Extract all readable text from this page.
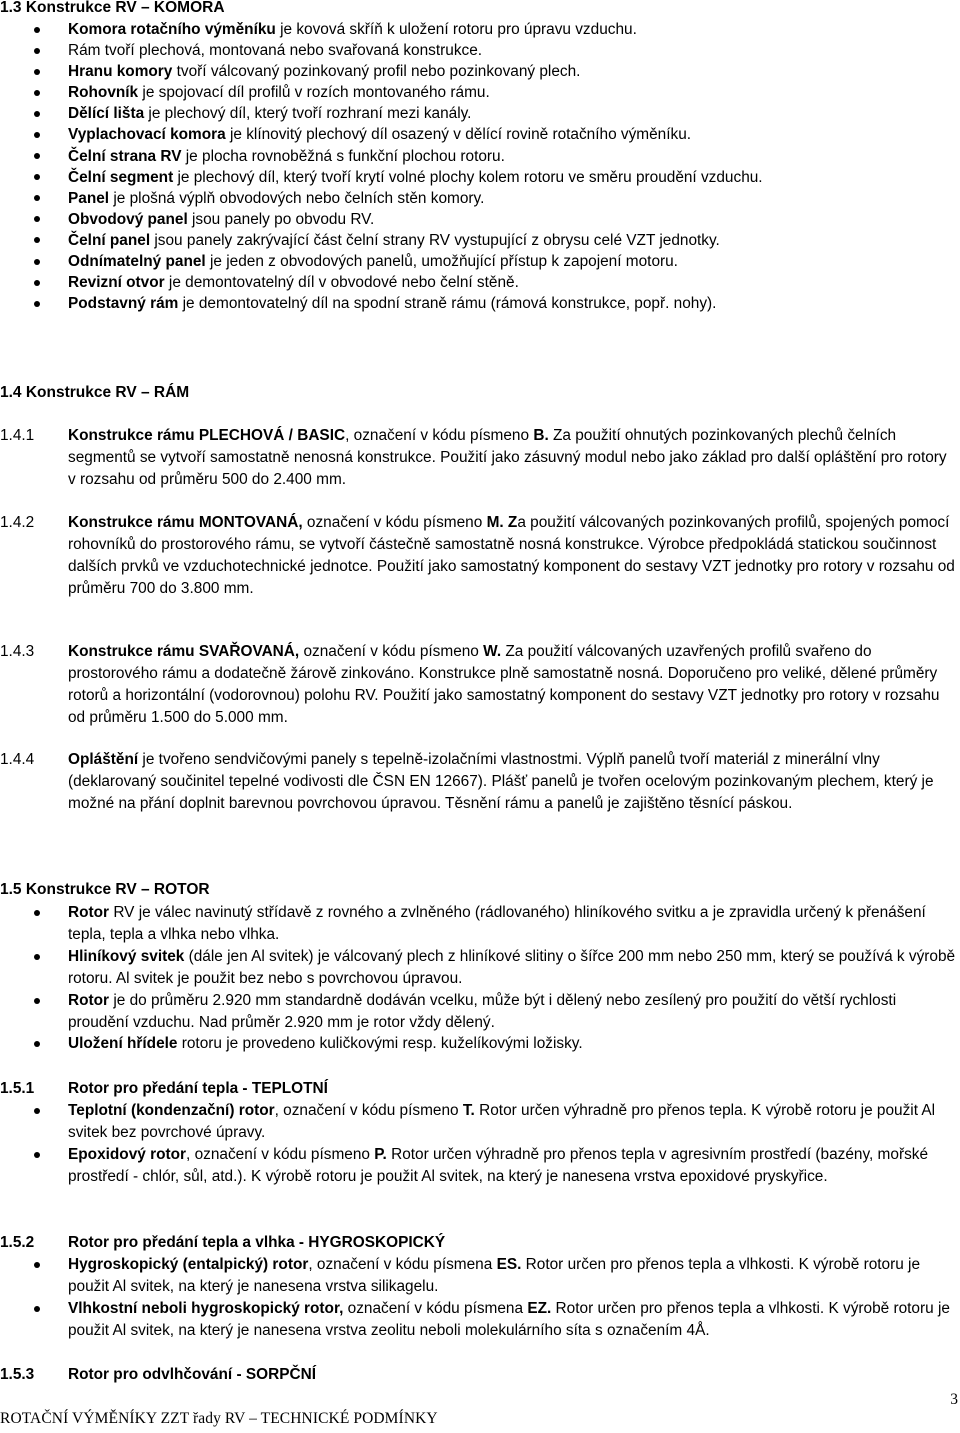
1.3 Konstrukce RV – KOMORA
Komora rotačního výměníku je kovová skříň k uložení rotoru pro úpravu vzduchu.
Rám tvoří plechová, montovaná nebo svařovaná konstrukce.
Hranu komory tvoří válcovaný pozinkovaný profil nebo pozinkovaný plech.
Rohovník je spojovací díl profilů v rozích montovaného rámu.
Dělící lišta je plechový díl, který tvoří rozhraní mezi kanály.
Vyplachovací komora je klínovitý plechový díl osazený v dělící rovině rotačního výměníku.
Čelní strana RV je plocha rovnoběžná s funkční plochou rotoru.
Čelní segment je plechový díl, který tvoří krytí volné plochy kolem rotoru ve směru proudění vzduchu.
Panel je plošná výplň obvodových nebo čelních stěn komory.
Obvodový panel jsou panely po obvodu RV.
Čelní panel jsou panely zakrývající část čelní strany RV vystupující z obrysu celé VZT jednotky.
Odnímatelný panel je jeden z obvodových panelů, umožňující přístup k zapojení motoru.
Revizní otvor je demontovatelný díl v obvodové nebo čelní stěně.
Podstavný rám je demontovatelný díl na spodní straně rámu (rámová konstrukce, popř. nohy).
1.4 Konstrukce RV – RÁM
1.4.1 Konstrukce rámu PLECHOVÁ / BASIC, označení v kódu písmeno B. Za použití ohnutých pozinkovaných plechů čelních segmentů se vytvoří samostatně nenosná konstrukce. Použití jako zásuvný modul nebo jako základ pro další opláštění pro rotory v rozsahu od průměru 500 do 2.400 mm.
1.4.2 Konstrukce rámu MONTOVANÁ, označení v kódu písmeno M. Za použití válcovaných pozinkovaných profilů, spojených pomocí rohovníků do prostorového rámu, se vytvoří částečně samostatně nosná konstrukce. Výrobce předpokládá statickou součinnost dalších prvků ve vzduchotechnické jednotce. Použití jako samostatný komponent do sestavy VZT jednotky pro rotory v rozsahu od průměru 700 do 3.800 mm.
1.4.3 Konstrukce rámu SVAŘOVANÁ, označení v kódu písmeno W. Za použití válcovaných uzavřených profilů svařeno do prostorového rámu a dodatečně žárově zinkováno. Konstrukce plně samostatně nosná. Doporučeno pro veliké, dělené průměry rotorů a horizontální (vodorovnou) polohu RV. Použití jako samostatný komponent do sestavy VZT jednotky pro rotory v rozsahu od průměru 1.500 do 5.000 mm.
1.4.4 Opláštění je tvořeno sendvičovými panely s tepelně-izolačními vlastnostmi. Výplň panelů tvoří materiál z minerální vlny (deklarovaný součinitel tepelné vodivosti dle ČSN EN 12667). Plášť panelů je tvořen ocelovým pozinkovaným plechem, který je možné na přání doplnit barevnou povrchovou úpravou. Těsnění rámu a panelů je zajištěno těsnící páskou.
1.5 Konstrukce RV – ROTOR
Rotor RV je válec navinutý střídavě z rovného a zvlněného (rádlovaného) hliníkového svitku a je zpravidla určený k přenášení tepla, tepla a vlhka nebo vlhka.
Hliníkový svitek (dále jen Al svitek) je válcovaný plech z hliníkové slitiny o šířce 200 mm nebo 250 mm, který se používá k výrobě rotoru. Al svitek je použit bez nebo s povrchovou úpravou.
Rotor je do průměru 2.920 mm standardně dodáván vcelku, může být i dělený nebo zesílený pro použití do větší rychlosti proudění vzduchu. Nad průměr 2.920 mm je rotor vždy dělený.
Uložení hřídele rotoru je provedeno kuličkovými resp. kuželíkovými ložisky.
1.5.1 Rotor pro předání tepla - TEPLOTNÍ
Teplotní (kondenzační) rotor, označení v kódu písmeno T. Rotor určen výhradně pro přenos tepla. K výrobě rotoru je použit Al svitek bez povrchové úpravy.
Epoxidový rotor, označení v kódu písmeno P. Rotor určen výhradně pro přenos tepla v agresivním prostředí (bazény, mořské prostředí - chlór, sůl, atd.). K výrobě rotoru je použit Al svitek, na který je nanesena vrstva epoxidové pryskyřice.
1.5.2 Rotor pro předání tepla a vlhka - HYGROSKOPICKÝ
Hygroskopický (entalpický) rotor, označení v kódu písmena ES. Rotor určen pro přenos tepla a vlhkosti. K výrobě rotoru je použit Al svitek, na který je nanesena vrstva silikagelu.
Vlhkostní neboli hygroskopický rotor, označení v kódu písmena EZ. Rotor určen pro přenos tepla a vlhkosti. K výrobě rotoru je použit Al svitek, na který je nanesena vrstva zeolitu neboli molekulárního síta s označením 4Å.
1.5.3 Rotor pro odvlhčování - SORPČNÍ
3
ROTAČNÍ VÝMĚNÍKY ZZT řady RV – TECHNICKÉ PODMÍNKY
